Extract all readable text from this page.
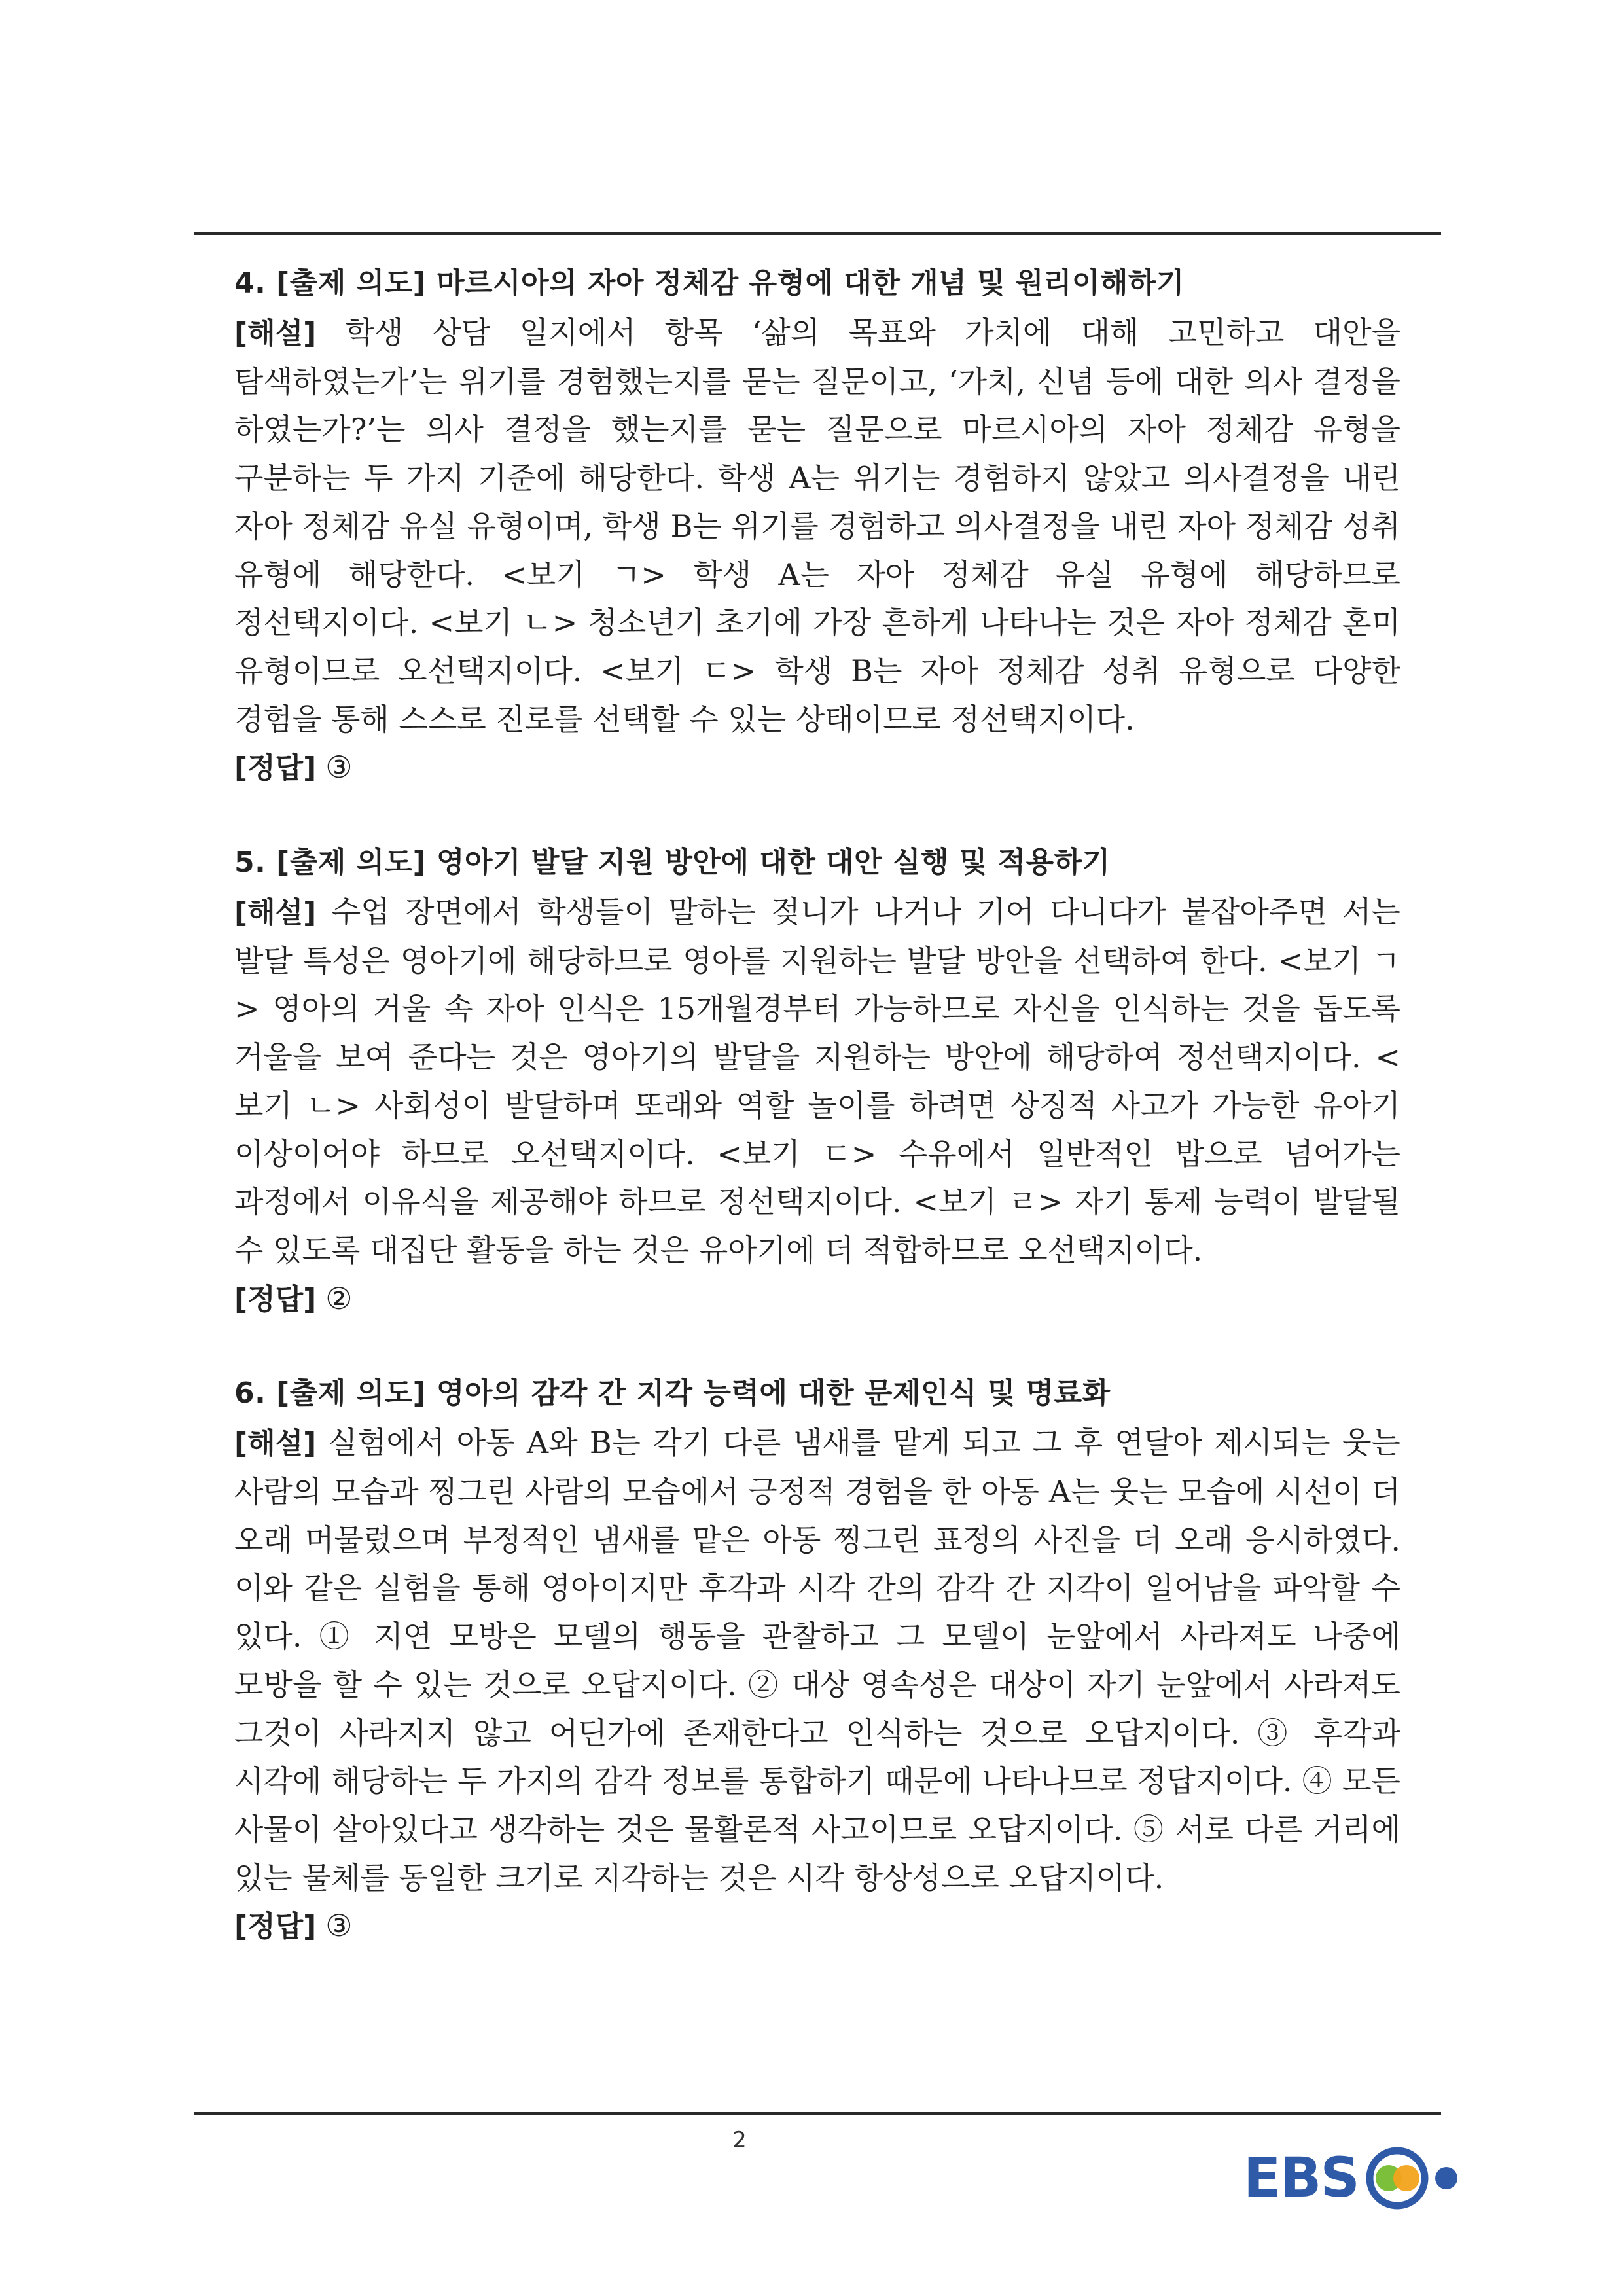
4. [출제 의도] 마르시아의 자아 정체감 유형에 대한 개념 및 원리이해하기

[해설] 학생 상담 일지에서 항목 ‘삶의 목표와 가치에 대해 고민하고 대안을 탐색하였는가’는 위기를 경험했는지를 묻는 질문이고, ‘가치, 신념 등에 대한 의사 결정을 하였는가?’는 의사 결정을 했는지를 묻는 질문으로 마르시아의 자아 정체감 유형을 구분하는 두 가지 기준에 해당한다. 학생 A는 위기는 경험하지 않았고 의사결정을 내린 자아 정체감 유실 유형이며, 학생 B는 위기를 경험하고 의사결정을 내린 자아 정체감 성취 유형에 해당한다. <보기 ㄱ> 학생 A는 자아 정체감 유실 유형에 해당하므로 정선택지이다. <보기 ㄴ> 청소년기 초기에 가장 흔하게 나타나는 것은 자아 정체감 혼미 유형이므로 오선택지이다. <보기 ㄷ> 학생 B는 자아 정체감 성취 유형으로 다양한 경험을 통해 스스로 진로를 선택할 수 있는 상태이므로 정선택지이다.

[정답] ③

5. [출제 의도] 영아기 발달 지원 방안에 대한 대안 실행 및 적용하기

[해설] 수업 장면에서 학생들이 말하는 젖니가 나거나 기어 다니다가 붙잡아주면 서는 발달 특성은 영아기에 해당하므로 영아를 지원하는 발달 방안을 선택하여 한다. <보기 ㄱ> 영아의 거울 속 자아 인식은 15개월경부터 가능하므로 자신을 인식하는 것을 돕도록 거울을 보여 준다는 것은 영아기의 발달을 지원하는 방안에 해당하여 정선택지이다. <보기 ㄴ> 사회성이 발달하며 또래와 역할 놀이를 하려면 상징적 사고가 가능한 유아기 이상이어야 하므로 오선택지이다. <보기 ㄷ> 수유에서 일반적인 밥으로 넘어가는 과정에서 이유식을 제공해야 하므로 정선택지이다. <보기 ㄹ> 자기 통제 능력이 발달될 수 있도록 대집단 활동을 하는 것은 유아기에 더 적합하므로 오선택지이다.

[정답] ②

6. [출제 의도] 영아의 감각 간 지각 능력에 대한 문제인식 및 명료화

[해설] 실험에서 아동 A와 B는 각기 다른 냄새를 맡게 되고 그 후 연달아 제시되는 웃는 사람의 모습과 찡그린 사람의 모습에서 긍정적 경험을 한 아동 A는 웃는 모습에 시선이 더 오래 머물렀으며 부정적인 냄새를 맡은 아동 찡그린 표정의 사진을 더 오래 응시하였다. 이와 같은 실험을 통해 영아이지만 후각과 시각 간의 감각 간 지각이 일어남을 파악할 수 있다. ① 지연 모방은 모델의 행동을 관찰하고 그 모델이 눈앞에서 사라져도 나중에 모방을 할 수 있는 것으로 오답지이다. ② 대상 영속성은 대상이 자기 눈앞에서 사라져도 그것이 사라지지 않고 어딘가에 존재한다고 인식하는 것으로 오답지이다. ③ 후각과 시각에 해당하는 두 가지의 감각 정보를 통합하기 때문에 나타나므로 정답지이다. ④ 모든 사물이 살아있다고 생각하는 것은 물활론적 사고이므로 오답지이다. ⑤ 서로 다른 거리에 있는 물체를 동일한 크기로 지각하는 것은 시각 항상성으로 오답지이다.

[정답] ③

2
EBS
